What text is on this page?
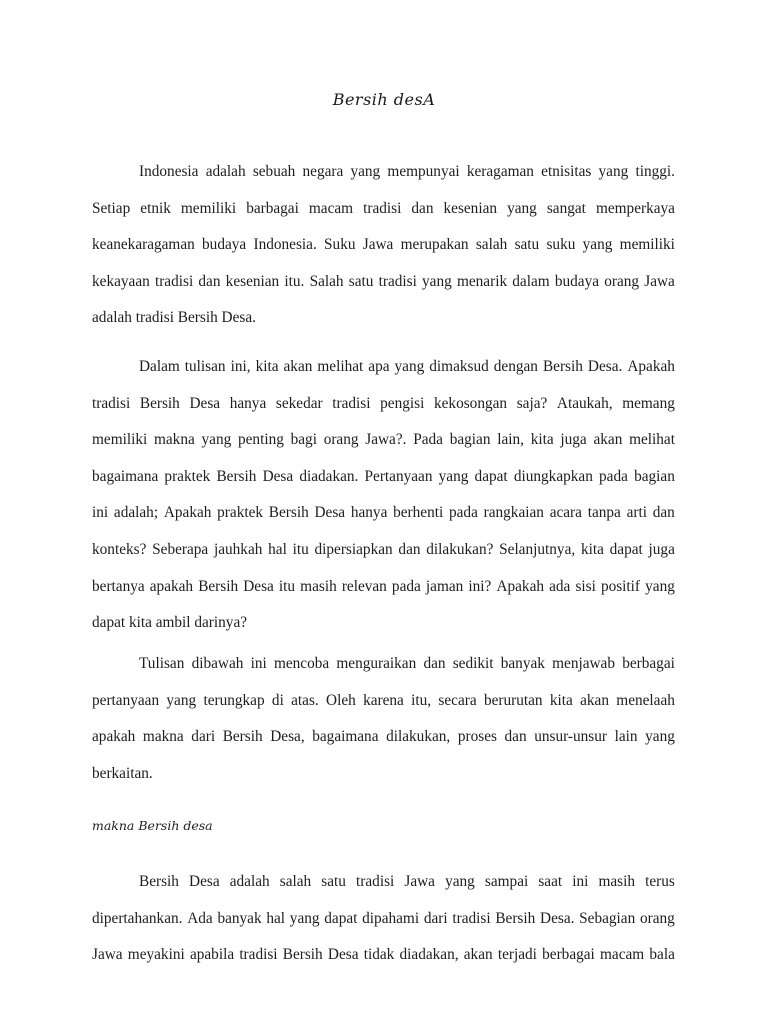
Bersih desA
Indonesia adalah sebuah negara yang mempunyai keragaman etnisitas yang tinggi.
Setiap etnik memiliki barbagai macam tradisi dan kesenian yang sangat memperkaya
keanekaragaman budaya Indonesia. Suku Jawa merupakan salah satu suku yang memiliki
kekayaan tradisi dan kesenian itu. Salah satu tradisi yang menarik dalam budaya orang Jawa
adalah tradisi Bersih Desa.
Dalam tulisan ini, kita akan melihat apa yang dimaksud dengan Bersih Desa. Apakah
tradisi Bersih Desa hanya sekedar tradisi pengisi kekosongan saja? Ataukah, memang
memiliki makna yang penting bagi orang Jawa?. Pada bagian lain, kita juga akan melihat
bagaimana praktek Bersih Desa diadakan. Pertanyaan yang dapat diungkapkan pada bagian
ini adalah; Apakah praktek Bersih Desa hanya berhenti pada rangkaian acara tanpa arti dan
konteks? Seberapa jauhkah hal itu dipersiapkan dan dilakukan? Selanjutnya, kita dapat juga
bertanya apakah Bersih Desa itu masih relevan pada jaman ini? Apakah ada sisi positif yang
dapat kita ambil darinya?
Tulisan dibawah ini mencoba menguraikan dan sedikit banyak menjawab berbagai
pertanyaan yang terungkap di atas. Oleh karena itu, secara berurutan kita akan menelaah
apakah makna dari Bersih Desa, bagaimana dilakukan, proses dan unsur-unsur lain yang
berkaitan.
makna Bersih desa
Bersih Desa adalah salah satu tradisi Jawa yang sampai saat ini masih terus
dipertahankan. Ada banyak hal yang dapat dipahami dari tradisi Bersih Desa. Sebagian orang
Jawa meyakini apabila tradisi Bersih Desa tidak diadakan, akan terjadi berbagai macam bala
